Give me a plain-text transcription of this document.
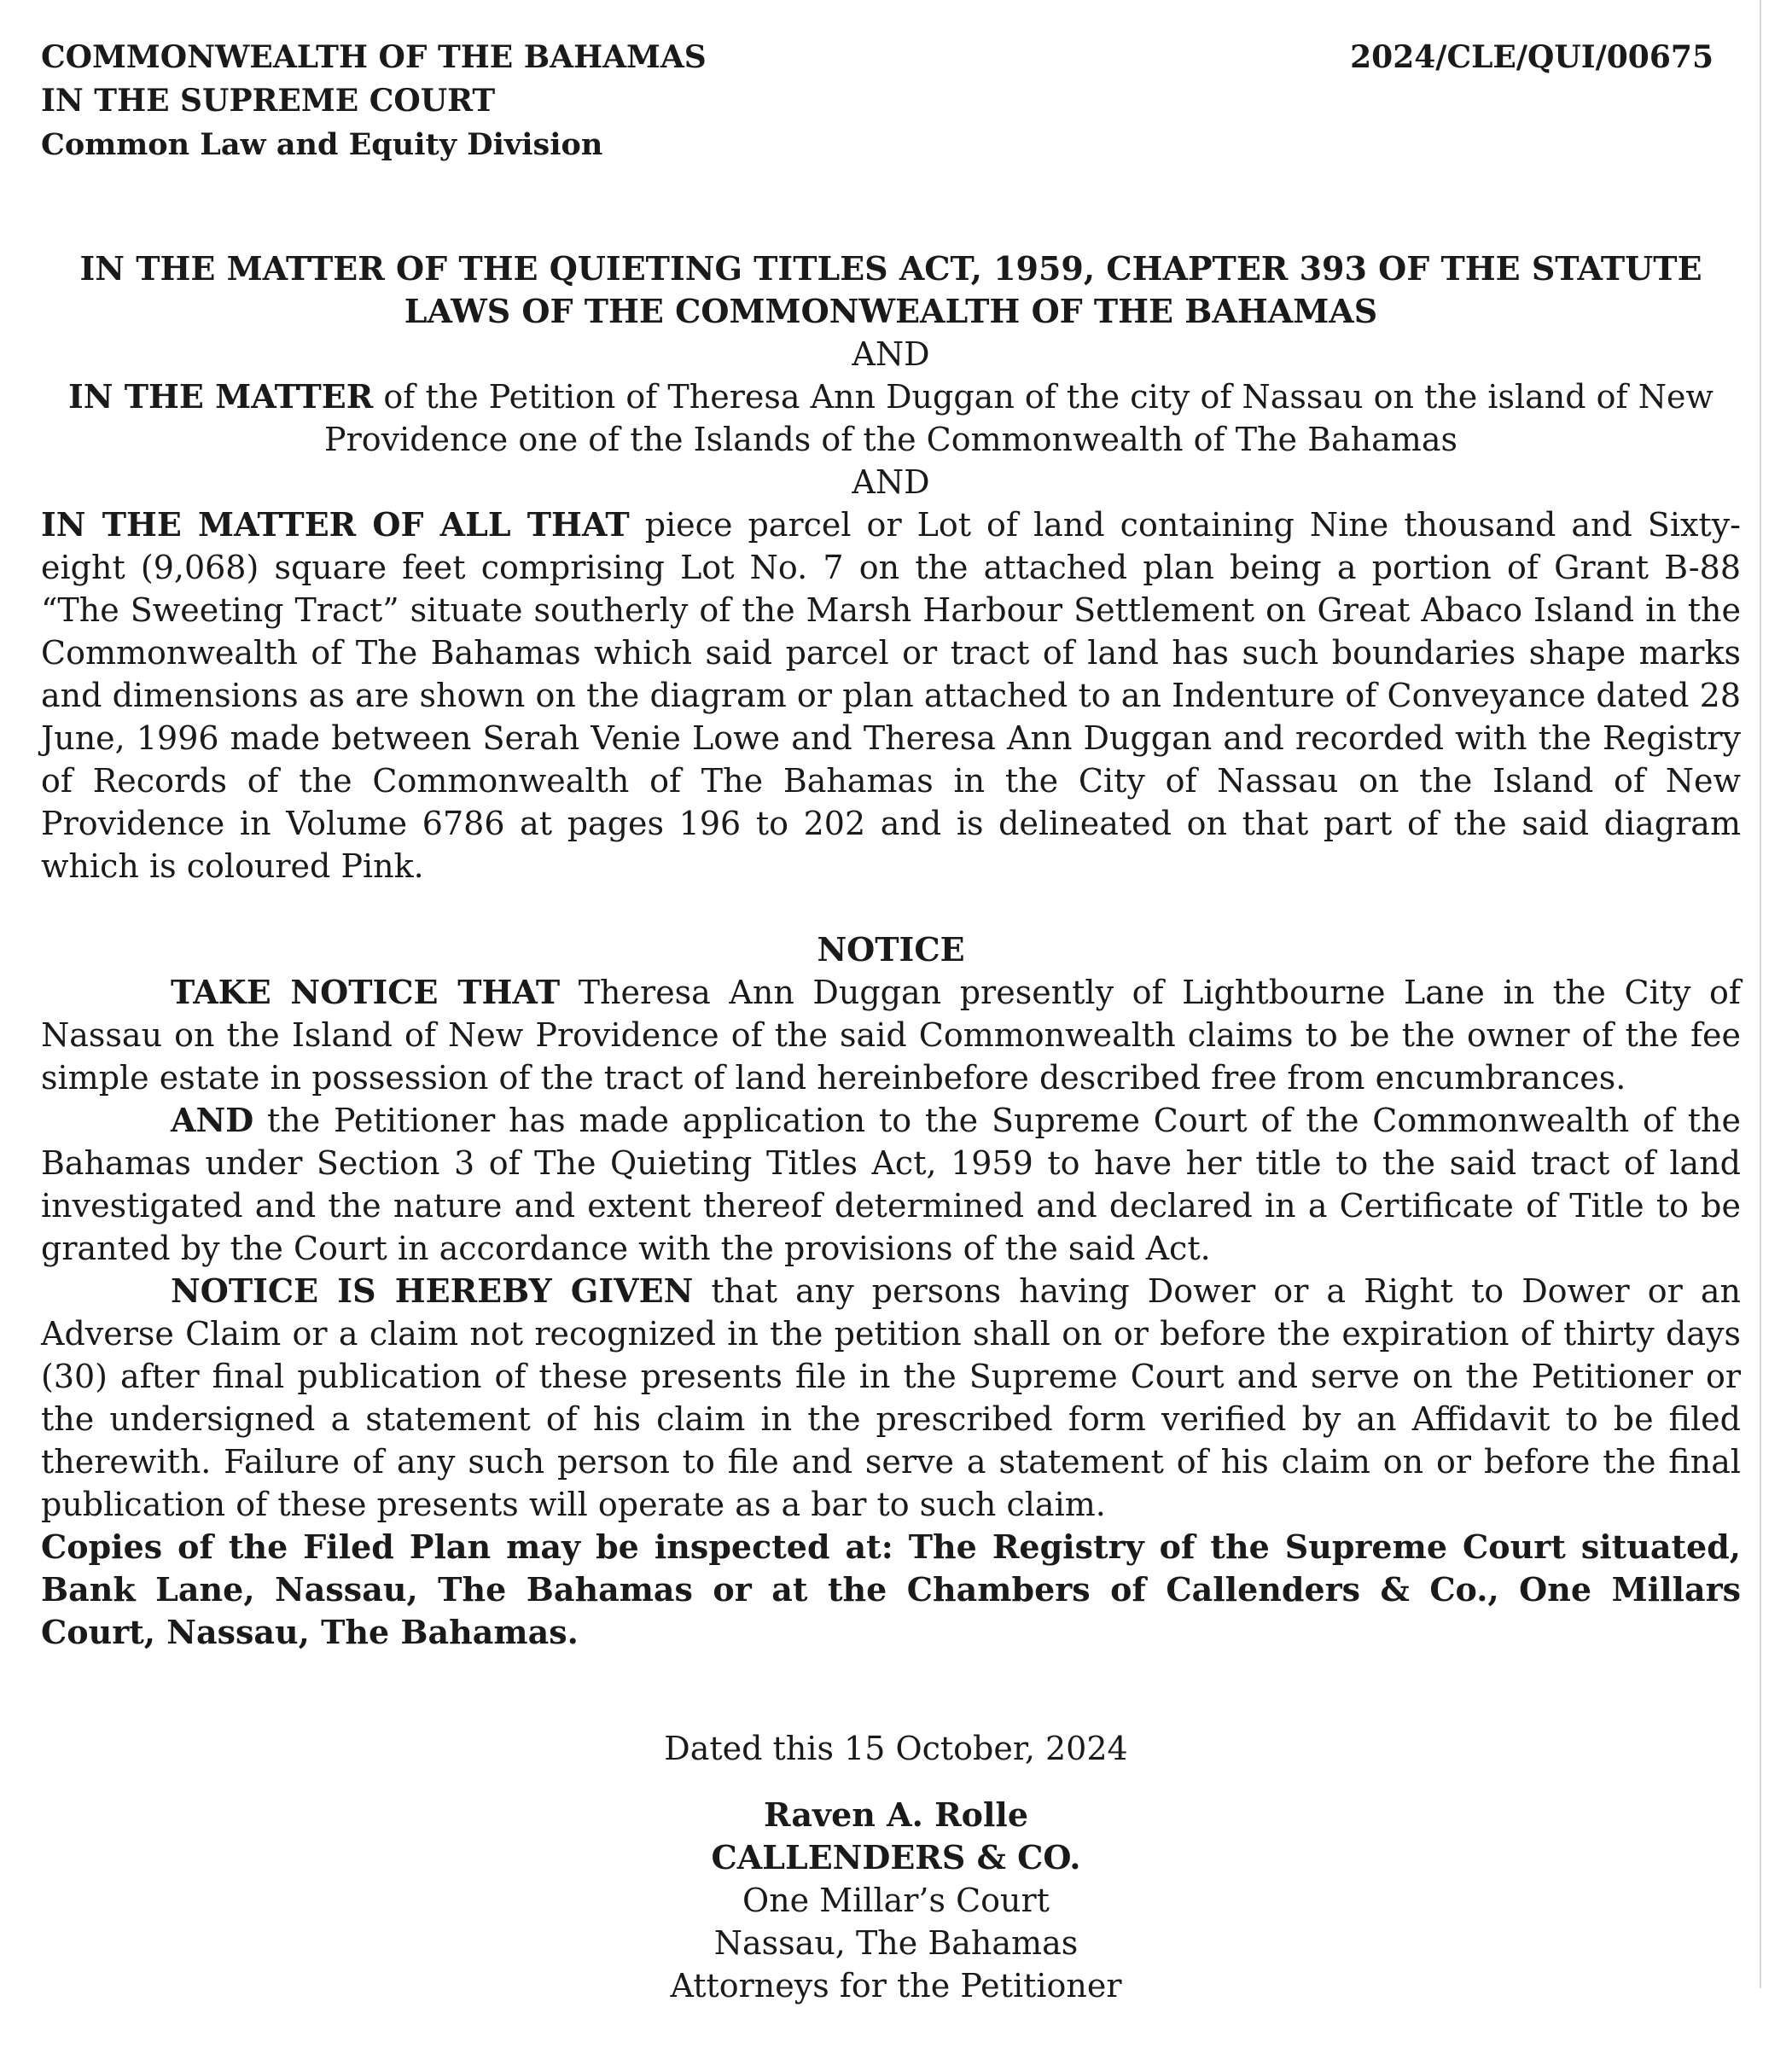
COMMONWEALTH OF THE BAHAMAS
IN THE SUPREME COURT
Common Law and Equity Division
2024/CLE/QUI/00675

IN THE MATTER OF THE QUIETING TITLES ACT, 1959, CHAPTER 393 OF THE STATUTE LAWS OF THE COMMONWEALTH OF THE BAHAMAS

AND

IN THE MATTER of the Petition of Theresa Ann Duggan of the city of Nassau on the island of New Providence one of the Islands of the Commonwealth of The Bahamas

AND

IN THE MATTER OF ALL THAT piece parcel or Lot of land containing Nine thousand and Sixty-eight (9,068) square feet comprising Lot No. 7 on the attached plan being a portion of Grant B-88 “The Sweeting Tract” situate southerly of the Marsh Harbour Settlement on Great Abaco Island in the Commonwealth of The Bahamas which said parcel or tract of land has such boundaries shape marks and dimensions as are shown on the diagram or plan attached to an Indenture of Conveyance dated 28 June, 1996 made between Serah Venie Lowe and Theresa Ann Duggan and recorded with the Registry of Records of the Commonwealth of The Bahamas in the City of Nassau on the Island of New Providence in Volume 6786 at pages 196 to 202 and is delineated on that part of the said diagram which is coloured Pink.

NOTICE

TAKE NOTICE THAT Theresa Ann Duggan presently of Lightbourne Lane in the City of Nassau on the Island of New Providence of the said Commonwealth claims to be the owner of the fee simple estate in possession of the tract of land hereinbefore described free from encumbrances.

AND the Petitioner has made application to the Supreme Court of the Commonwealth of the Bahamas under Section 3 of The Quieting Titles Act, 1959 to have her title to the said tract of land investigated and the nature and extent thereof determined and declared in a Certificate of Title to be granted by the Court in accordance with the provisions of the said Act.

NOTICE IS HEREBY GIVEN that any persons having Dower or a Right to Dower or an Adverse Claim or a claim not recognized in the petition shall on or before the expiration of thirty days (30) after final publication of these presents file in the Supreme Court and serve on the Petitioner or the undersigned a statement of his claim in the prescribed form verified by an Affidavit to be filed therewith. Failure of any such person to file and serve a statement of his claim on or before the final publication of these presents will operate as a bar to such claim.

Copies of the Filed Plan may be inspected at: The Registry of the Supreme Court situated, Bank Lane, Nassau, The Bahamas or at the Chambers of Callenders & Co., One Millars Court, Nassau, The Bahamas.

Dated this 15 October, 2024
Raven A. Rolle
CALLENDERS & CO.
One Millar’s Court
Nassau, The Bahamas
Attorneys for the Petitioner
